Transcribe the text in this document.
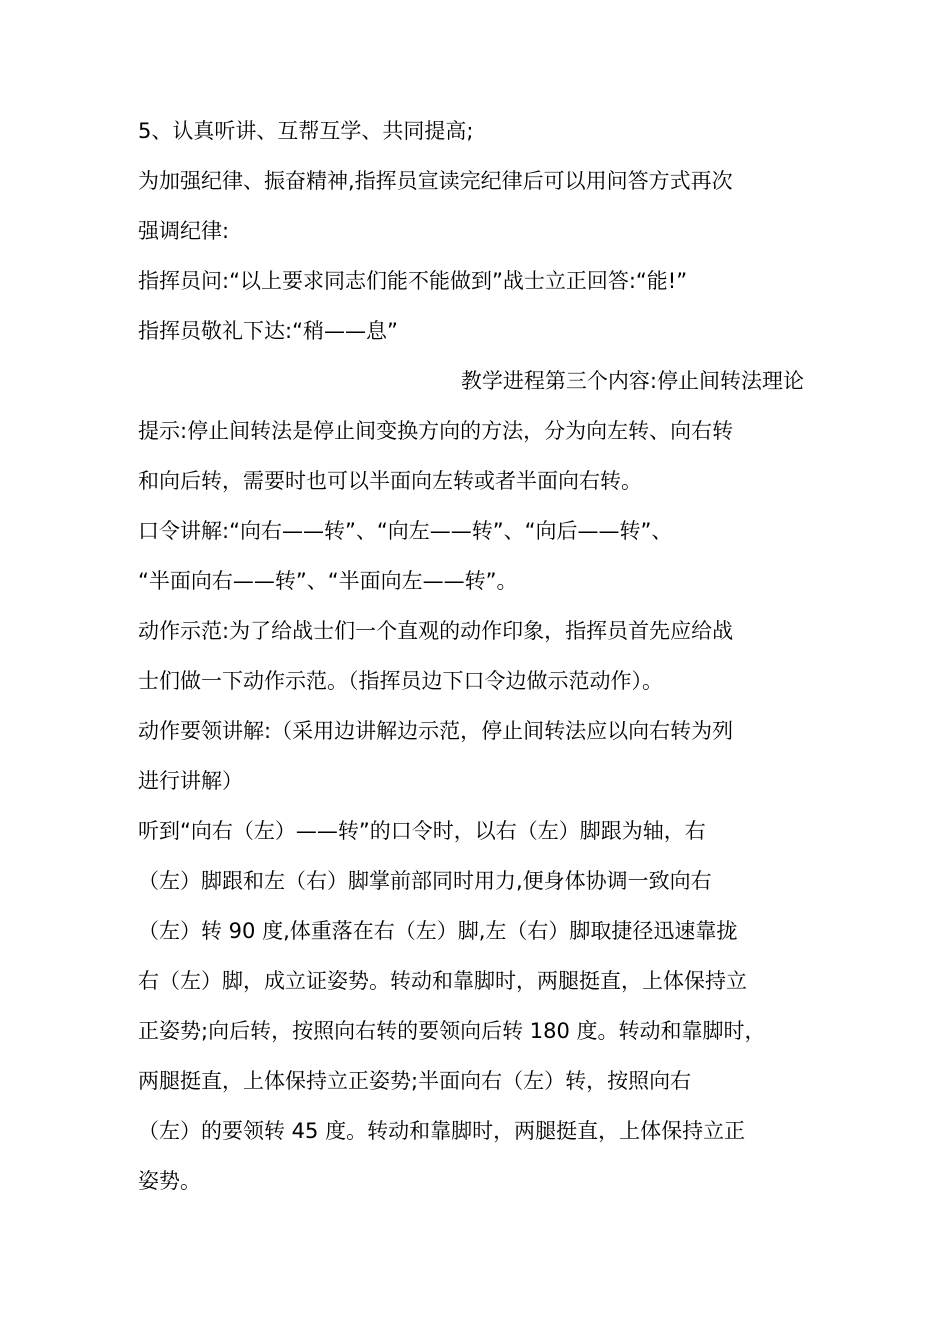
5、认真听讲、互帮互学、共同提高;
为加强纪律、振奋精神,指挥员宣读完纪律后可以用问答方式再次
强调纪律:
指挥员问:“以上要求同志们能不能做到”战士立正回答:“能!”
指挥员敬礼下达:“稍——息”
教学进程第三个内容:停止间转法理论
提示:停止间转法是停止间变换方向的方法，分为向左转、向右转
和向后转，需要时也可以半面向左转或者半面向右转。
口令讲解:“向右——转”、“向左——转”、“向后——转”、
“半面向右——转”、“半面向左——转”。
动作示范:为了给战士们一个直观的动作印象，指挥员首先应给战
士们做一下动作示范。（指挥员边下口令边做示范动作）。
动作要领讲解:（采用边讲解边示范，停止间转法应以向右转为列
进行讲解）
听到“向右（左）——转”的口令时，以右（左）脚跟为轴，右
（左）脚跟和左（右）脚掌前部同时用力,便身体协调一致向右
（左）转 90 度,体重落在右（左）脚,左（右）脚取捷径迅速靠拢
右（左）脚，成立证姿势。转动和靠脚时，两腿挺直，上体保持立
正姿势;向后转，按照向右转的要领向后转 180 度。转动和靠脚时，
两腿挺直，上体保持立正姿势;半面向右（左）转，按照向右
（左）的要领转 45 度。转动和靠脚时，两腿挺直，上体保持立正
姿势。
